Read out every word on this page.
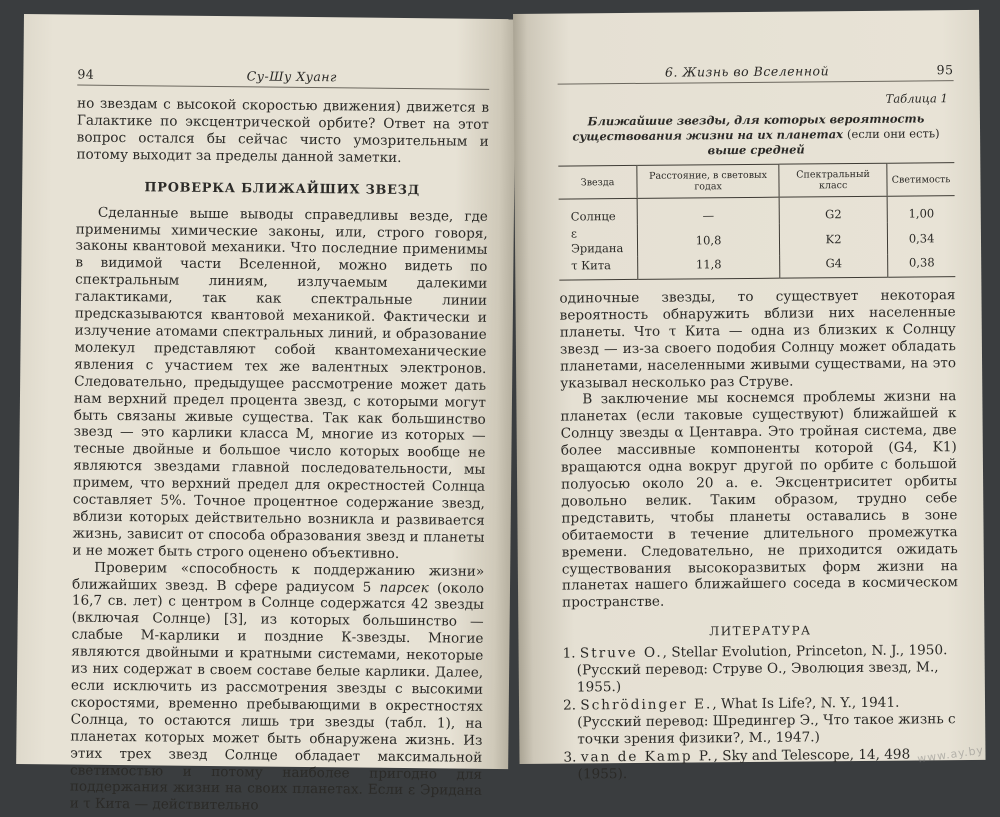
94	Су-Шу Хуанг

но звездам с высокой скоростью движения) движется в Галактике по эксцентрической орбите? Ответ на этот вопрос остался бы сейчас чисто умозрительным и потому выходит за пределы данной заметки.

ПРОВЕРКА БЛИЖАЙШИХ ЗВЕЗД

Сделанные выше выводы справедливы везде, где применимы химические законы, или, строго говоря, законы квантовой механики. Что последние применимы в видимой части Вселенной, можно видеть по спектральным линиям, излучаемым далекими галактиками, так как спектральные линии предсказываются квантовой механикой. Фактически и излучение атомами спектральных линий, и образование молекул представляют собой квантомеханические явления с участием тех же валентных электронов. Следовательно, предыдущее рассмотрение может дать нам верхний предел процента звезд, с которыми могут быть связаны живые существа. Так как большинство звезд — это карлики класса М, многие из которых — тесные двойные и большое число которых вообще не являются звездами главной последовательности, мы примем, что верхний предел для окрестностей Солнца составляет 5%. Точное процентное содержание звезд, вблизи которых действительно возникла и развивается жизнь, зависит от способа образования звезд и планеты и не может быть строго оценено объективно.

Проверим «способность к поддержанию жизни» ближайших звезд. В сфере радиусом 5 парсек (около 16,7 св. лет) с центром в Солнце содержатся 42 звезды (включая Солнце) [3], из которых большинство — слабые М-карлики и поздние К-звезды. Многие являются двойными и кратными системами, некоторые из них содержат в своем составе белые карлики. Далее, если исключить из рассмотрения звезды с высокими скоростями, временно пребывающими в окрестностях Солнца, то остаются лишь три звезды (табл. 1), на планетах которых может быть обнаружена жизнь. Из этих трех звезд Солнце обладает максимальной светимостью и потому наиболее пригодно для поддержания жизни на своих планетах. Если ε Эридана и τ Кита — действительно

6. Жизнь во Вселенной	95
Таблица 1
Ближайшие звезды, для которых вероятность существования жизни на их планетах (если они есть) выше средней
Звезда	Расстояние, в световых годах	Спектральный класс	Светимость
Солнце	—	G2	1,00
ε Эридана	10,8	K2	0,34
τ Кита	11,8	G4	0,38

одиночные звезды, то существует некоторая вероятность обнаружить вблизи них населенные планеты. Что τ Кита — одна из близких к Солнцу звезд — из-за своего подобия Солнцу может обладать планетами, населенными живыми существами, на это указывал несколько раз Струве.

В заключение мы коснемся проблемы жизни на планетах (если таковые существуют) ближайшей к Солнцу звезды α Центавра. Это тройная система, две более массивные компоненты которой (G4, K1) вращаются одна вокруг другой по орбите с большой полуосью около 20 а. е. Эксцентриситет орбиты довольно велик. Таким образом, трудно себе представить, чтобы планеты оставались в зоне обитаемости в течение длительного промежутка времени. Следовательно, не приходится ожидать существования высокоразвитых форм жизни на планетах нашего ближайшего соседа в космическом пространстве.

ЛИТЕРАТУРА

1. Struve O., Stellar Evolution, Princeton, N. J., 1950. (Русский перевод: Струве О., Эволюция звезд, М., 1955.)

2. Schrödinger E., What Is Life?, N. Y., 1941. (Русский перевод: Шредингер Э., Что такое жизнь с точки зрения физики?, М., 1947.)

3. van de Kamp P., Sky and Telescope, 14, 498 (1955).

www.ay.by
